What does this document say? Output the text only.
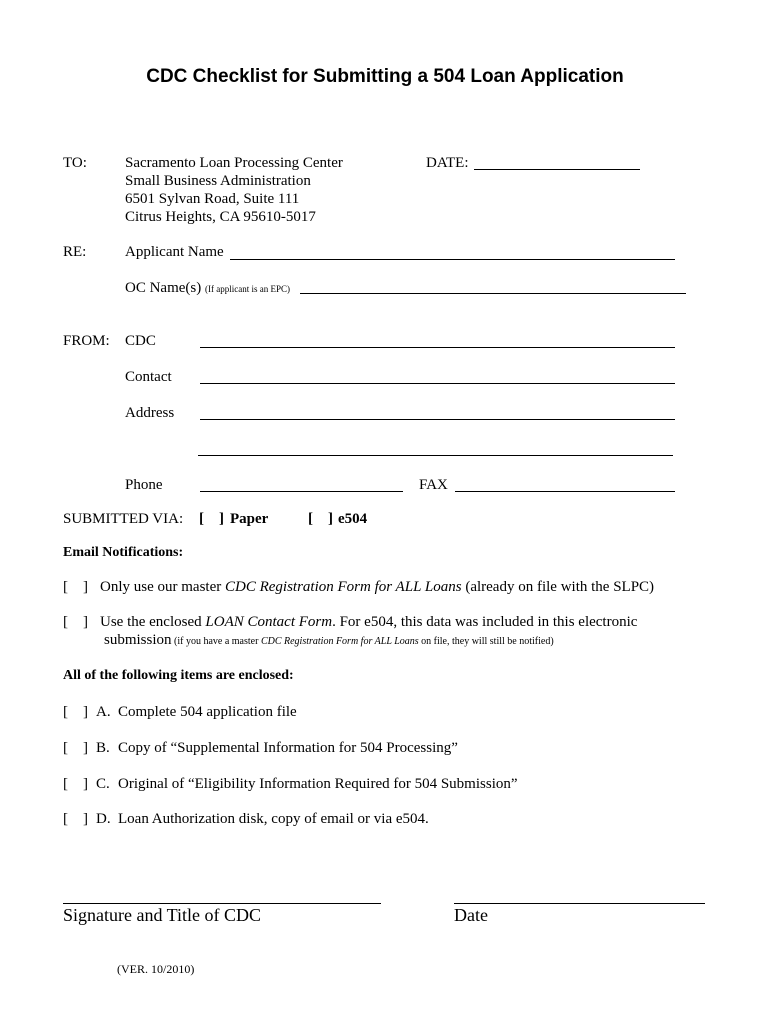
CDC Checklist for Submitting a 504 Loan Application
TO:	Sacramento Loan Processing Center
Small Business Administration
6501 Sylvan Road, Suite 111
Citrus Heights, CA 95610-5017
DATE:
RE:	Applicant Name
OC Name(s) (If applicant is an EPC)
FROM: CDC
Contact
Address
Phone	FAX
SUBMITTED VIA: [    ] Paper	[    ] e504
Email Notifications:
[    ] Only use our master CDC Registration Form for ALL Loans (already on file with the SLPC)
[    ] Use the enclosed LOAN Contact Form. For e504, this data was included in this electronic
submission (if you have a master CDC Registration Form for ALL Loans on file, they will still be notified)
All of the following items are enclosed:
[    ] A. Complete 504 application file
[    ] B. Copy of “Supplemental Information for 504 Processing”
[    ] C. Original of “Eligibility Information Required for 504 Submission”
[    ] D. Loan Authorization disk, copy of email or via e504.
Signature and Title of CDC	Date
(VER. 10/2010)
